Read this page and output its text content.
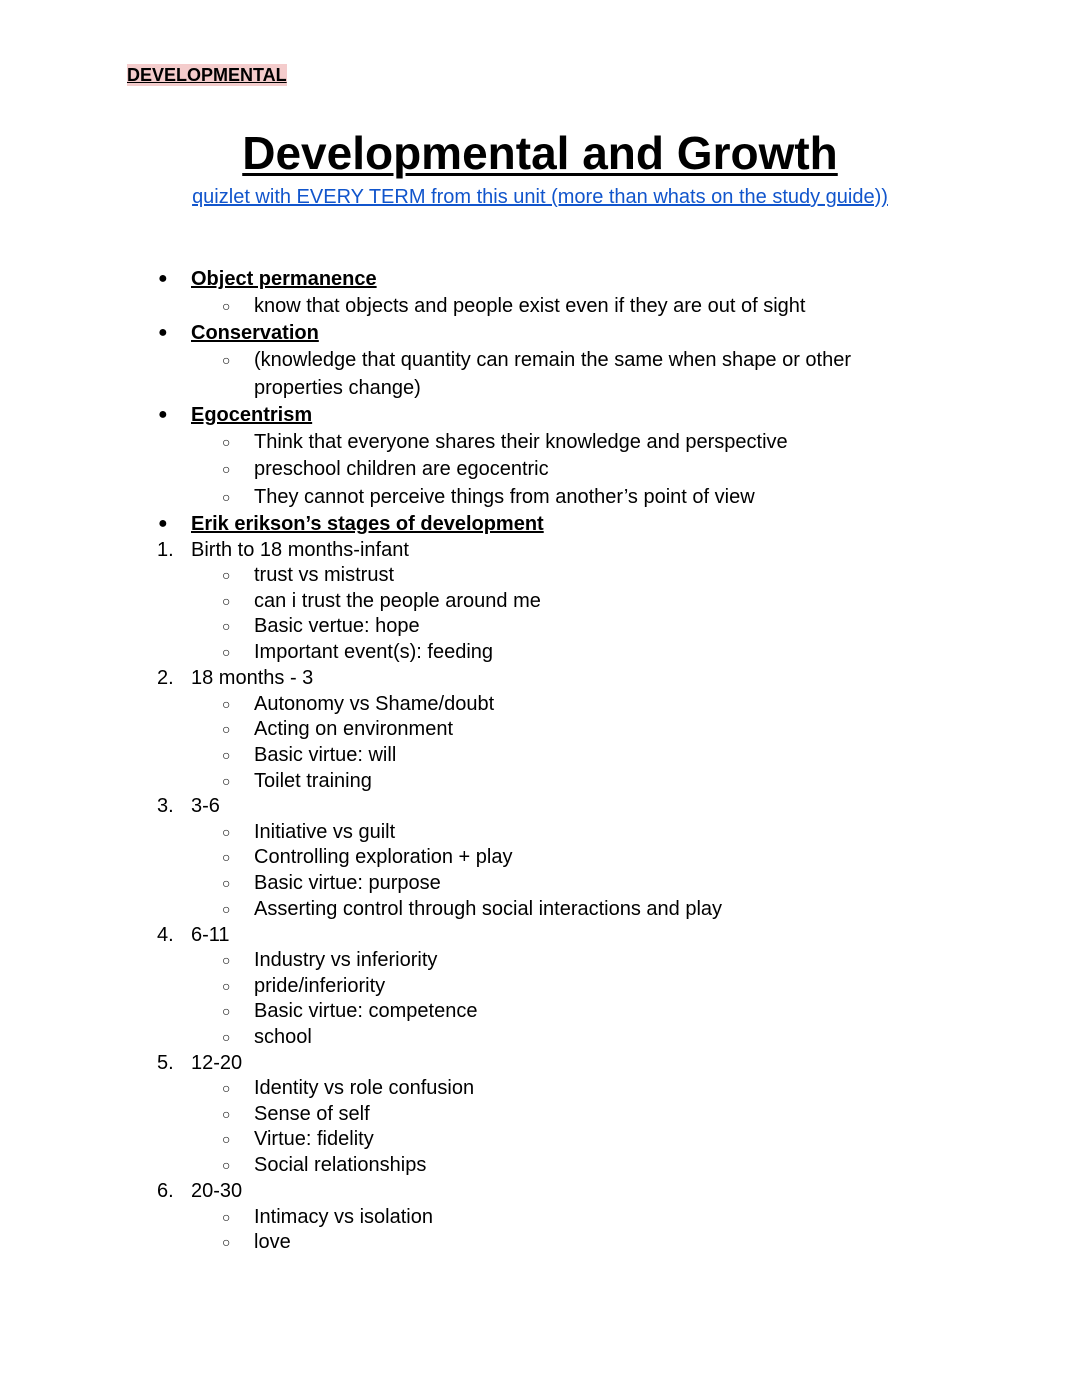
DEVELOPMENTAL
Developmental and Growth
quizlet with EVERY TERM from this unit (more than whats on the study guide))
● Object permanence
○ know that objects and people exist even if they are out of sight
● Conservation
○ (knowledge that quantity can remain the same when shape or other
properties change)
● Egocentrism
○ Think that everyone shares their knowledge and perspective
○ preschool children are egocentric
○ They cannot perceive things from another’s point of view
● Erik erikson’s stages of development
1. Birth to 18 months-infant
○ trust vs mistrust
○ can i trust the people around me
○ Basic vertue: hope
○ Important event(s): feeding
2. 18 months - 3
○ Autonomy vs Shame/doubt
○ Acting on environment
○ Basic virtue: will
○ Toilet training
3. 3-6
○ Initiative vs guilt
○ Controlling exploration + play
○ Basic virtue: purpose
○ Asserting control through social interactions and play
4. 6-11
○ Industry vs inferiority
○ pride/inferiority
○ Basic virtue: competence
○ school
5. 12-20
○ Identity vs role confusion
○ Sense of self
○ Virtue: fidelity
○ Social relationships
6. 20-30
○ Intimacy vs isolation
○ love
